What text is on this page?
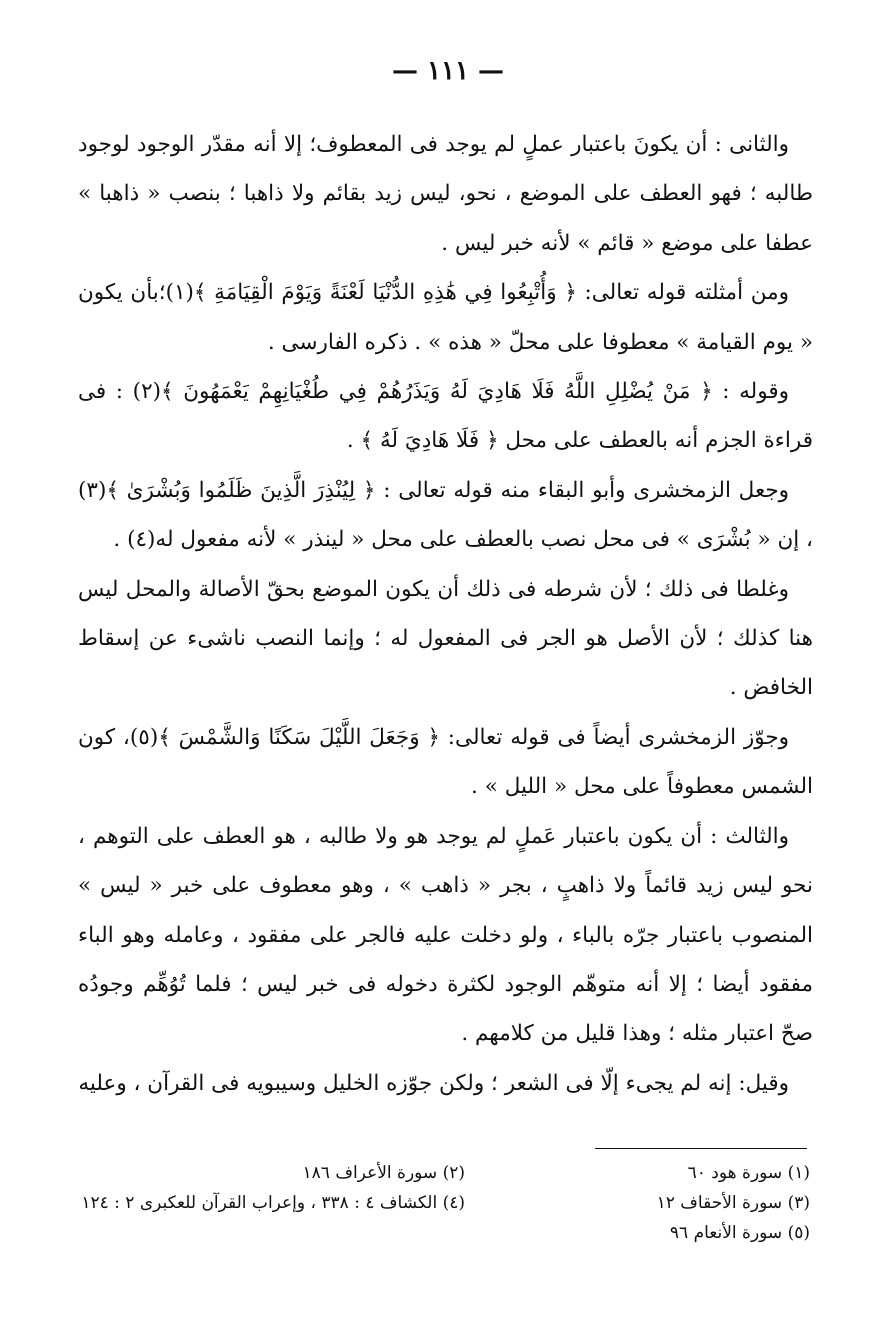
— ١١١ —

والثانى : أن يكونَ باعتبار عملٍ لم يوجد فى المعطوف؛ إلا أنه مقدّر الوجود لوجود طالبه ؛ فهو العطف على الموضع ، نحو، ليس زيد بقائم ولا ذاهبا ؛ بنصب « ذاهبا » عطفا على موضع « قائم » لأنه خبر ليس .

ومن أمثلته قوله تعالى: ﴿ وَأُتْبِعُوا فِي هَٰذِهِ الدُّنْيَا لَعْنَةً وَيَوْمَ الْقِيَامَةِ ﴾(١)؛بأن يكون « يوم القيامة » معطوفا على محلّ « هذه » . ذكره الفارسى .

وقوله : ﴿ مَنْ يُضْلِلِ اللَّهُ فَلَا هَادِيَ لَهُ وَيَذَرُهُمْ فِي طُغْيَانِهِمْ يَعْمَهُونَ ﴾(٢) : فى قراءة الجزم أنه بالعطف على محل ﴿ فَلَا هَادِيَ لَهُ ﴾ .

وجعل الزمخشرى وأبو البقاء منه قوله تعالى : ﴿ لِيُنْذِرَ الَّذِينَ ظَلَمُوا وَبُشْرَىٰ ﴾(٣) ، إن « بُشْرَى » فى محل نصب بالعطف على محل « لينذر » لأنه مفعول له(٤) .

وغلطا فى ذلك ؛ لأن شرطه فى ذلك أن يكون الموضع بحقّ الأصالة والمحل ليس هنا كذلك ؛ لأن الأصل هو الجر فى المفعول له ؛ وإنما النصب ناشىء عن إسقاط الخافض .

وجوّز الزمخشرى أيضاً فى قوله تعالى: ﴿ وَجَعَلَ اللَّيْلَ سَكَنًا وَالشَّمْسَ ﴾(٥)، كون الشمس معطوفاً على محل « الليل » .

والثالث : أن يكون باعتبار عَملٍ لم يوجد هو ولا طالبه ، هو العطف على التوهم ، نحو ليس زيد قائماً ولا ذاهبٍ ، بجر « ذاهب » ، وهو معطوف على خبر « ليس » المنصوب باعتبار جرّه بالباء ، ولو دخلت عليه فالجر على مفقود ، وعامله وهو الباء مفقود أيضا ؛ إلا أنه متوهّم الوجود لكثرة دخوله فى خبر ليس ؛ فلما تُوُهِّم وجودُه صحّ اعتبار مثله ؛ وهذا قليل من كلامهم .

وقيل: إنه لم يجىء إلّا فى الشعر ؛ ولكن جوّزه الخليل وسيبويه فى القرآن ، وعليه

(١) سورة هود ٦٠
(٣) سورة الأحقاف ١٢
(٥) سورة الأنعام ٩٦
(٢) سورة الأعراف ١٨٦
(٤) الكشاف ٤ : ٣٣٨ ، وإعراب القرآن للعكبرى ٢ : ١٢٤
